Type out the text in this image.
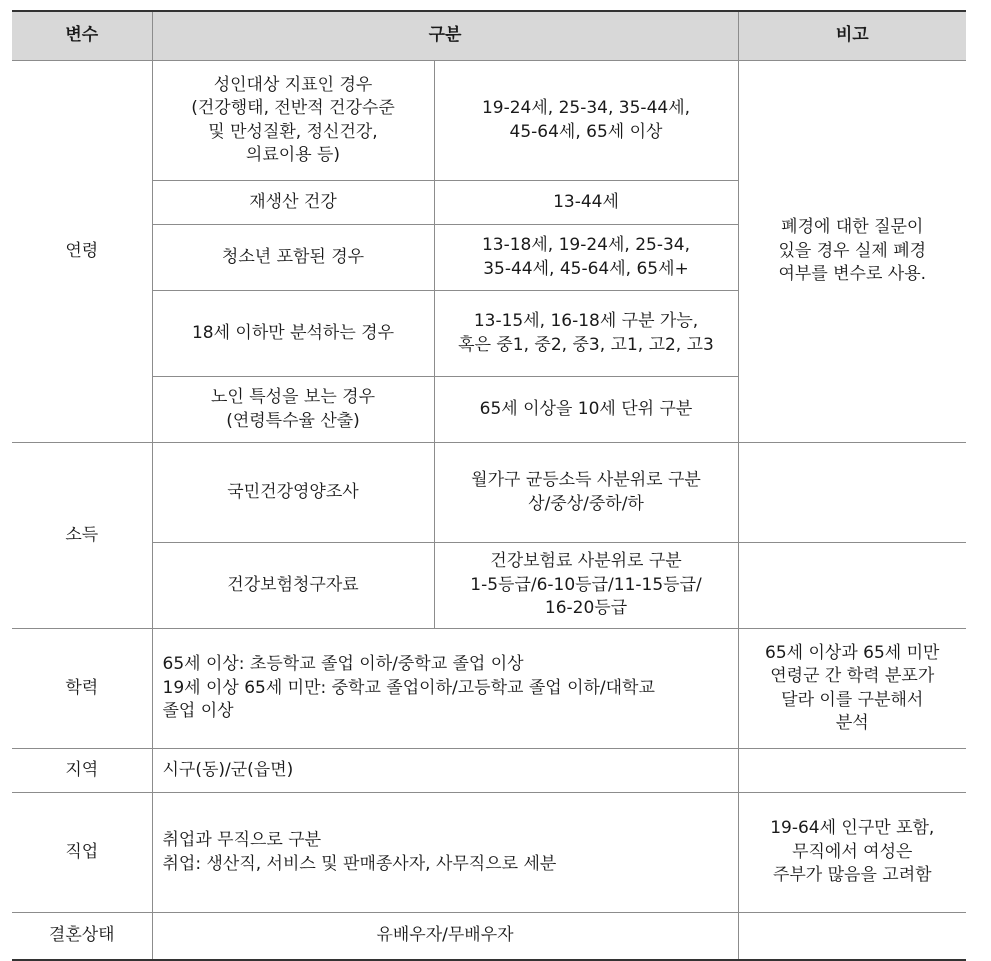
변수	구분		비고
연령	성인대상 지표인 경우
(건강행태, 전반적 건강수준
및 만성질환, 정신건강,
의료이용 등)	19-24세, 25-34, 35-44세,
45-64세, 65세 이상	폐경에 대한 질문이
있을 경우 실제 폐경
여부를 변수로 사용.

	재생산 건강	13-44세	

	청소년 포함된 경우	13-18세, 19-24세, 25-34,
35-44세, 45-64세, 65세+	

	18세 이하만 분석하는 경우	13-15세, 16-18세 구분 가능,
혹은 중1, 중2, 중3, 고1, 고2, 고3	

	노인 특성을 보는 경우
(연령특수율 산출)	65세 이상을 10세 단위 구분	

소득	국민건강영양조사	월가구 균등소득 사분위로 구분
상/중상/중하/하	

	건강보험청구자료	건강보험료 사분위로 구분
1-5등급/6-10등급/11-15등급/
16-20등급	

학력	65세 이상: 초등학교 졸업 이하/중학교 졸업 이상
19세 이상 65세 미만: 중학교 졸업이하/고등학교 졸업 이하/대학교
졸업 이상		65세 이상과 65세 미만
연령군 간 학력 분포가
달라 이를 구분해서
분석

지역	시구(동)/군(읍면)		

직업	취업과 무직으로 구분
취업: 생산직, 서비스 및 판매종사자, 사무직으로 세분		19-64세 인구만 포함,
무직에서 여성은
주부가 많음을 고려함

결혼상태	유배우자/무배우자		
